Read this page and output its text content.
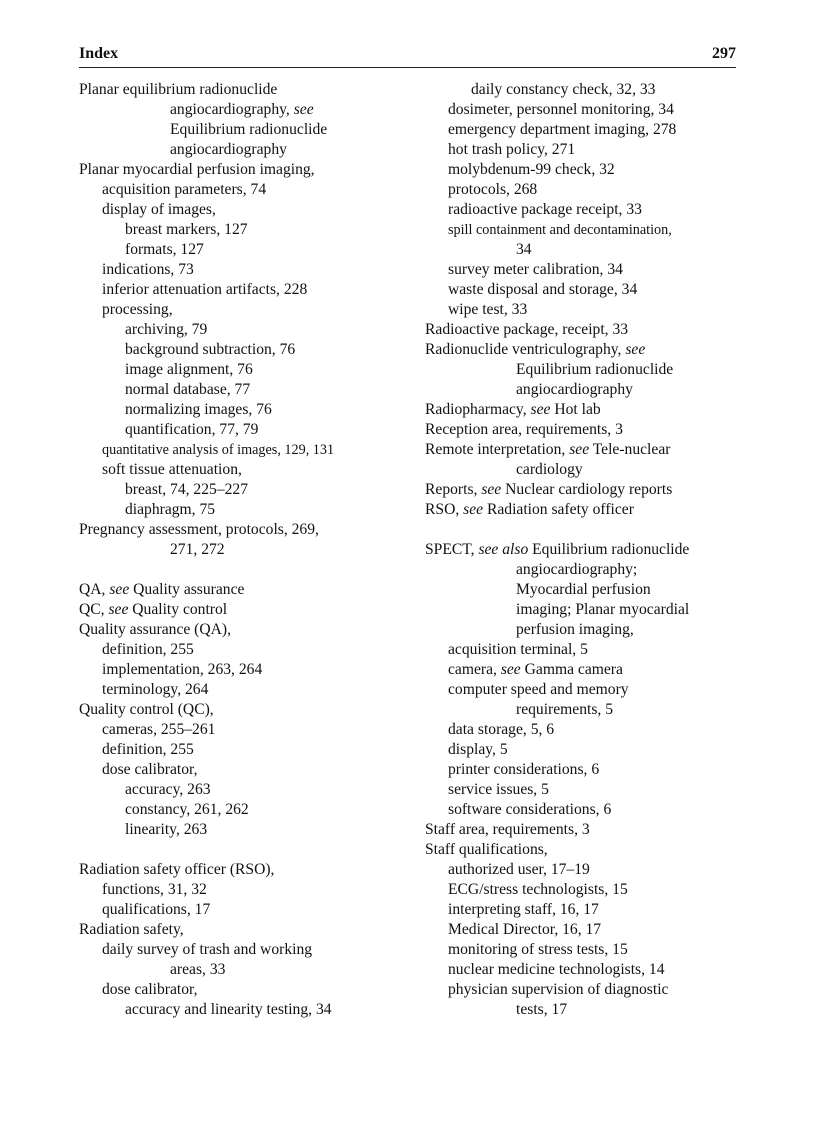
Index	297
Planar equilibrium radionuclide
angiocardiography, see
Equilibrium radionuclide
angiocardiography
Planar myocardial perfusion imaging,
acquisition parameters, 74
display of images,
breast markers, 127
formats, 127
indications, 73
inferior attenuation artifacts, 228
processing,
archiving, 79
background subtraction, 76
image alignment, 76
normal database, 77
normalizing images, 76
quantification, 77, 79
quantitative analysis of images, 129, 131
soft tissue attenuation,
breast, 74, 225–227
diaphragm, 75
Pregnancy assessment, protocols, 269,
271, 272
QA, see Quality assurance
QC, see Quality control
Quality assurance (QA),
definition, 255
implementation, 263, 264
terminology, 264
Quality control (QC),
cameras, 255–261
definition, 255
dose calibrator,
accuracy, 263
constancy, 261, 262
linearity, 263
Radiation safety officer (RSO),
functions, 31, 32
qualifications, 17
Radiation safety,
daily survey of trash and working
areas, 33
dose calibrator,
accuracy and linearity testing, 34
daily constancy check, 32, 33
dosimeter, personnel monitoring, 34
emergency department imaging, 278
hot trash policy, 271
molybdenum-99 check, 32
protocols, 268
radioactive package receipt, 33
spill containment and decontamination,
34
survey meter calibration, 34
waste disposal and storage, 34
wipe test, 33
Radioactive package, receipt, 33
Radionuclide ventriculography, see
Equilibrium radionuclide
angiocardiography
Radiopharmacy, see Hot lab
Reception area, requirements, 3
Remote interpretation, see Tele-nuclear
cardiology
Reports, see Nuclear cardiology reports
RSO, see Radiation safety officer
SPECT, see also Equilibrium radionuclide
angiocardiography;
Myocardial perfusion
imaging; Planar myocardial
perfusion imaging,
acquisition terminal, 5
camera, see Gamma camera
computer speed and memory
requirements, 5
data storage, 5, 6
display, 5
printer considerations, 6
service issues, 5
software considerations, 6
Staff area, requirements, 3
Staff qualifications,
authorized user, 17–19
ECG/stress technologists, 15
interpreting staff, 16, 17
Medical Director, 16, 17
monitoring of stress tests, 15
nuclear medicine technologists, 14
physician supervision of diagnostic
tests, 17
